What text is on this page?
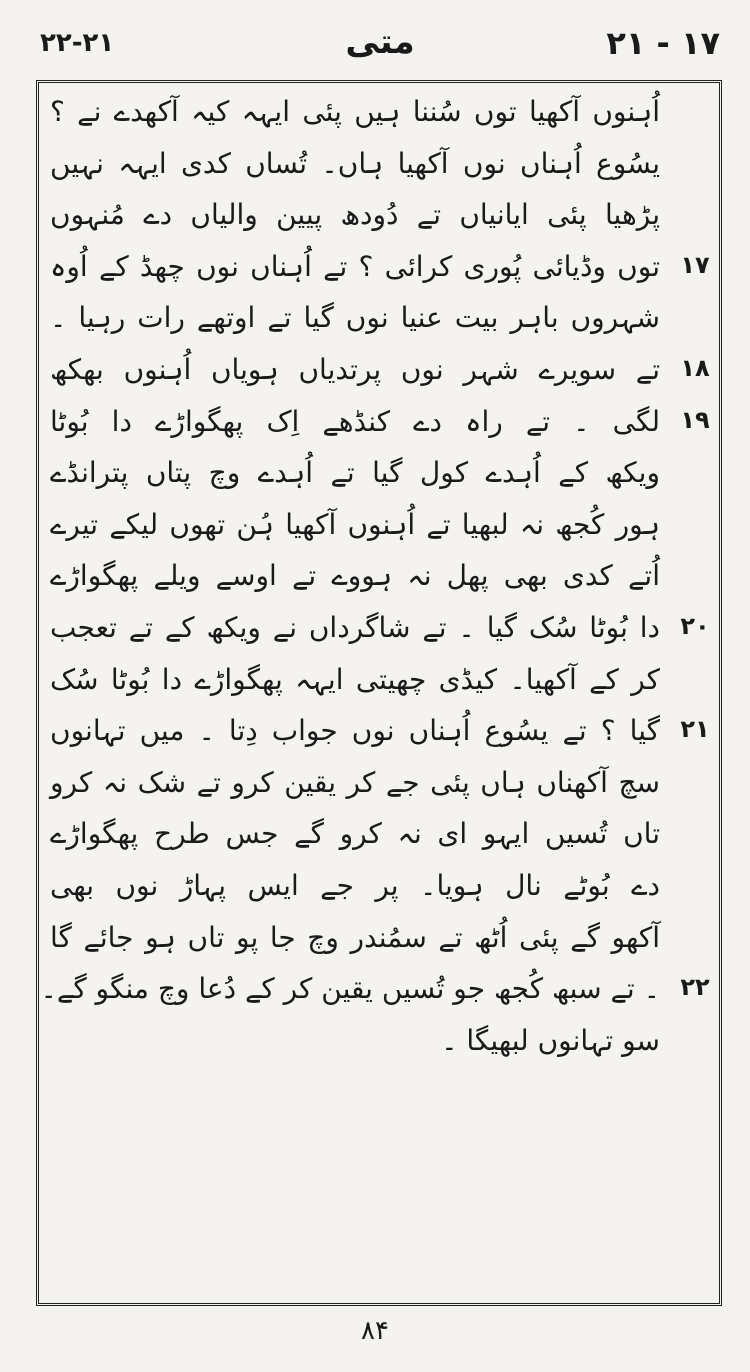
۲۲-۲۱	متی	۲۱ - ۱۷
اُہنوں آکھیا توں سُننا ہیں پئی ایہہ کیہ آکھدے نے ؟
یسُوع اُہناں نوں آکھیا ہاں۔ تُساں کدی ایہہ نہیں
پڑھیا پئی ایانیاں تے دُودھ پیین والیاں دے مُنہوں
توں وڈیائی پُوری کرائی ؟ تے اُہناں نوں چھڈ کے اُوہ
شہروں باہر بیت عنیا نوں گیا تے اوتھے رات رہیا ۔
تے سویرے شہر نوں پرتدیاں ہویاں اُہنوں بھکھ
لگی ۔ تے راہ دے کنڈھے اِک پھگواڑے دا بُوٹا
ویکھ کے اُہدے کول گیا تے اُہدے وچ پتاں پترانڈے
ہور کُجھ نہ لبھیا تے اُہنوں آکھیا ہُن تھوں لیکے تیرے
اُتے کدی بھی پھل نہ ہووے تے اوسے ویلے پھگواڑے
دا بُوٹا سُک گیا ۔ تے شاگرداں نے ویکھ کے تے تعجب
کر کے آکھیا۔ کیڈی چھیتی ایہہ پھگواڑے دا بُوٹا سُک
گیا ؟ تے یسُوع اُہناں نوں جواب دِتا ۔ میں تہانوں
سچ آکھناں ہاں پئی جے کر یقین کرو تے شک نہ کرو
تاں تُسیں ایہو ای نہ کرو گے جس طرح پھگواڑے
دے بُوٹے نال ہویا۔ پر جے ایس پہاڑ نوں بھی
آکھو گے پئی اُٹھ تے سمُندر وچ جا پو تاں ہو جائے گا
۔ تے سبھ کُجھ جو تُسیں یقین کر کے دُعا وچ منگو گے۔
سو تہانوں لبھیگا ۔
۱۷
۱۸
۱۹
۲۰
۲۱
۲۲
۸۴
